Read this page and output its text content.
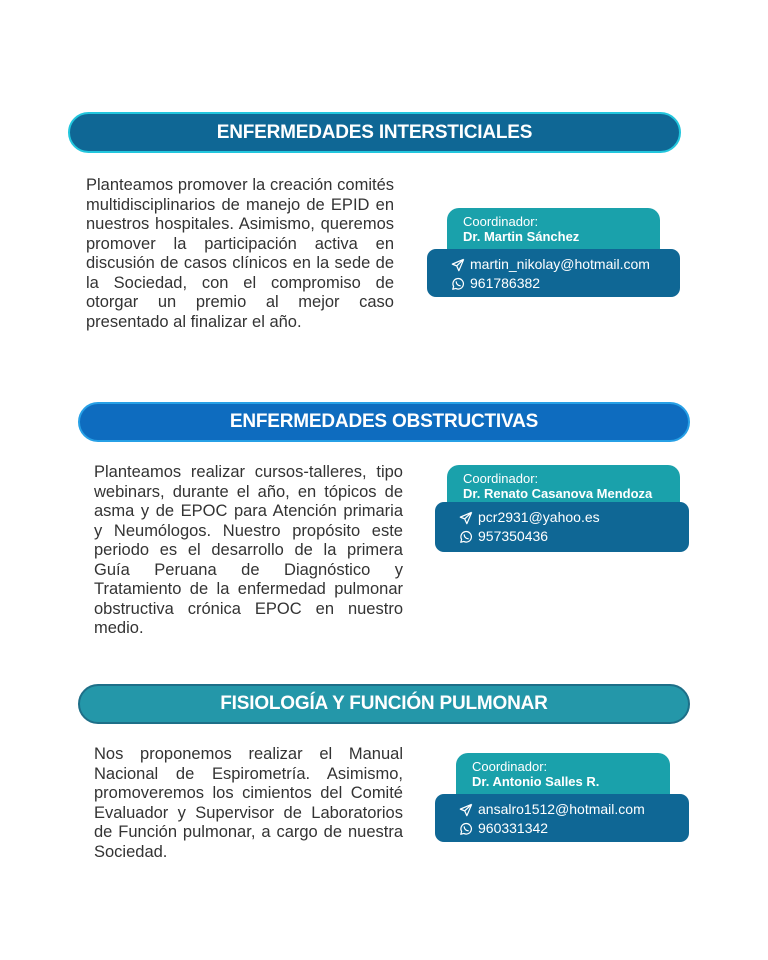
ENFERMEDADES INTERSTICIALES

Planteamos promover la creación comités multidisciplinarios de manejo de EPID en nuestros hospitales. Asimismo, queremos promover la participación activa en discusión de casos clínicos en la sede de la Sociedad, con el compromiso de otorgar un premio al mejor caso presentado al finalizar el año.

Coordinador:
Dr. Martin Sánchez
martin_nikolay@hotmail.com
961786382
ENFERMEDADES OBSTRUCTIVAS

Planteamos realizar cursos-talleres, tipo webinars, durante el año, en tópicos de asma y de EPOC para Atención primaria y Neumólogos. Nuestro propósito este periodo es el desarrollo de la primera Guía Peruana de Diagnóstico y Tratamiento de la enfermedad pulmonar obstructiva crónica EPOC en nuestro medio.

Coordinador:
Dr. Renato Casanova Mendoza
pcr2931@yahoo.es
957350436
FISIOLOGÍA Y FUNCIÓN PULMONAR

Nos proponemos realizar el Manual Nacional de Espirometría. Asimismo, promoveremos los cimientos del Comité Evaluador y Supervisor de Laboratorios de Función pulmonar, a cargo de nuestra Sociedad.

Coordinador:
Dr. Antonio Salles R.
ansalro1512@hotmail.com
960331342
